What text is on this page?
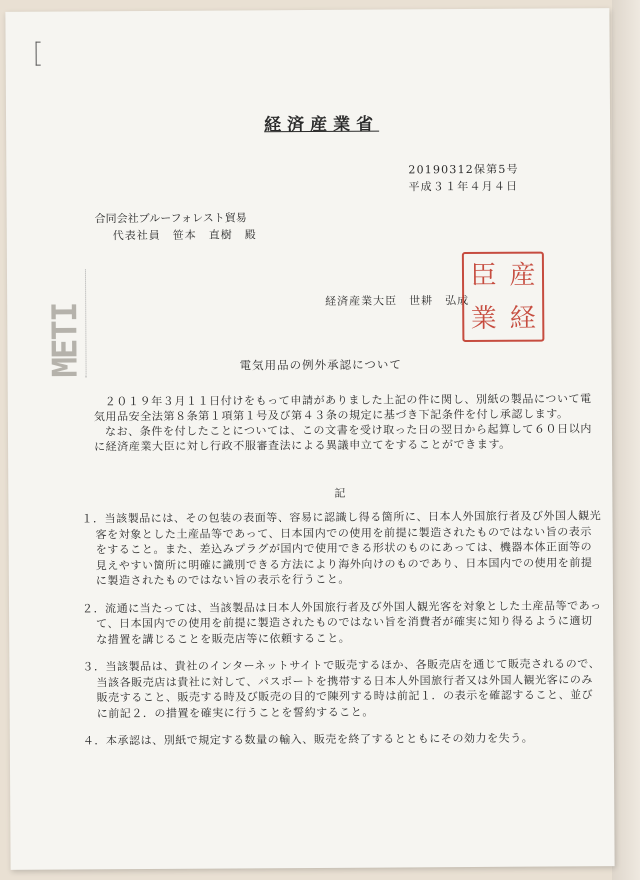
METI
経済産業省
20190312保第5号
平成３１年４月４日
合同会社ブルーフォレスト貿易
代表社員　笹本　直樹　殿
経済産業大臣　世耕　弘成
臣 産
業 経
電気用品の例外承認について

２０１９年３月１１日付けをもって申請がありました上記の件に関し、別紙の製品について電気用品安全法第８条第１項第１号及び第４３条の規定に基づき下記条件を付し承認します。

なお、条件を付したことについては、この文書を受け取った日の翌日から起算して６０日以内に経済産業大臣に対し行政不服審査法による異議申立てをすることができます。

記
１．当該製品には、その包装の表面等、容易に認識し得る箇所に、日本人外国旅行者及び外国人観光客を対象とした土産品等であって、日本国内での使用を前提に製造されたものではない旨の表示をすること。また、差込みプラグが国内で使用できる形状のものにあっては、機器本体正面等の見えやすい箇所に明確に識別できる方法により海外向けのものであり、日本国内での使用を前提に製造されたものではない旨の表示を行うこと。
２．流通に当たっては、当該製品は日本人外国旅行者及び外国人観光客を対象とした土産品等であって、日本国内での使用を前提に製造されたものではない旨を消費者が確実に知り得るように適切な措置を講じることを販売店等に依頼すること。
３．当該製品は、貴社のインターネットサイトで販売するほか、各販売店を通じて販売されるので、当該各販売店は貴社に対して、パスポートを携帯する日本人外国旅行者又は外国人観光客にのみ販売すること、販売する時及び販売の目的で陳列する時は前記１．の表示を確認すること、並びに前記２．の措置を確実に行うことを誓約すること。
４．本承認は、別紙で規定する数量の輸入、販売を終了するとともにその効力を失う。
